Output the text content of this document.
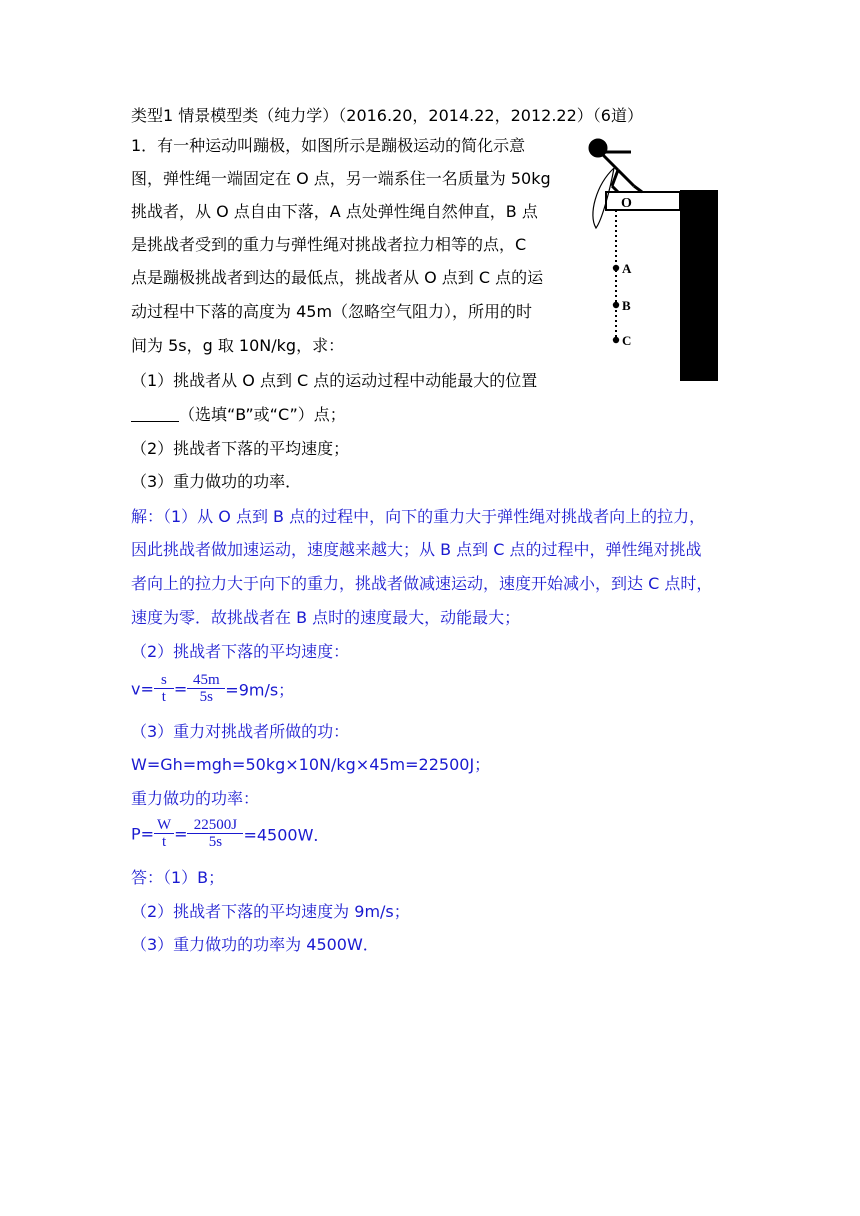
类型1 情景模型类（纯力学）（2016.20，2014.22，2012.22）（6道）
1．有一种运动叫蹦极，如图所示是蹦极运动的简化示意
图，弹性绳一端固定在 O 点，另一端系住一名质量为 50kg
挑战者，从 O 点自由下落，A 点处弹性绳自然伸直，B 点
是挑战者受到的重力与弹性绳对挑战者拉力相等的点，C
点是蹦极挑战者到达的最低点，挑战者从 O 点到 C 点的运
动过程中下落的高度为 45m（忽略空气阻力），所用的时
间为 5s，g 取 10N/kg，求：
（1）挑战者从 O 点到 C 点的运动过程中动能最大的位置
（选填“B”或“C”）点；
（2）挑战者下落的平均速度；
（3）重力做功的功率．
O
A
B
C
解：（1）从 O 点到 B 点的过程中，向下的重力大于弹性绳对挑战者向上的拉力，
因此挑战者做加速运动，速度越来越大；从 B 点到 C 点的过程中，弹性绳对挑战
者向上的拉力大于向下的重力，挑战者做减速运动，速度开始减小，到达 C 点时，
速度为零．故挑战者在 B 点时的速度最大，动能最大；
（2）挑战者下落的平均速度：
$v= \frac{s}{t} = \frac{45m}{5s} =9m/s$；
（3）重力对挑战者所做的功：
W=Gh=mgh=50kg×10N/kg×45m=22500J；
重力做功的功率：
$P= \frac{W}{t} = \frac{22500J}{5s} =4500W$．
答：（1）B；
（2）挑战者下落的平均速度为 9m/s；
（3）重力做功的功率为 4500W．
